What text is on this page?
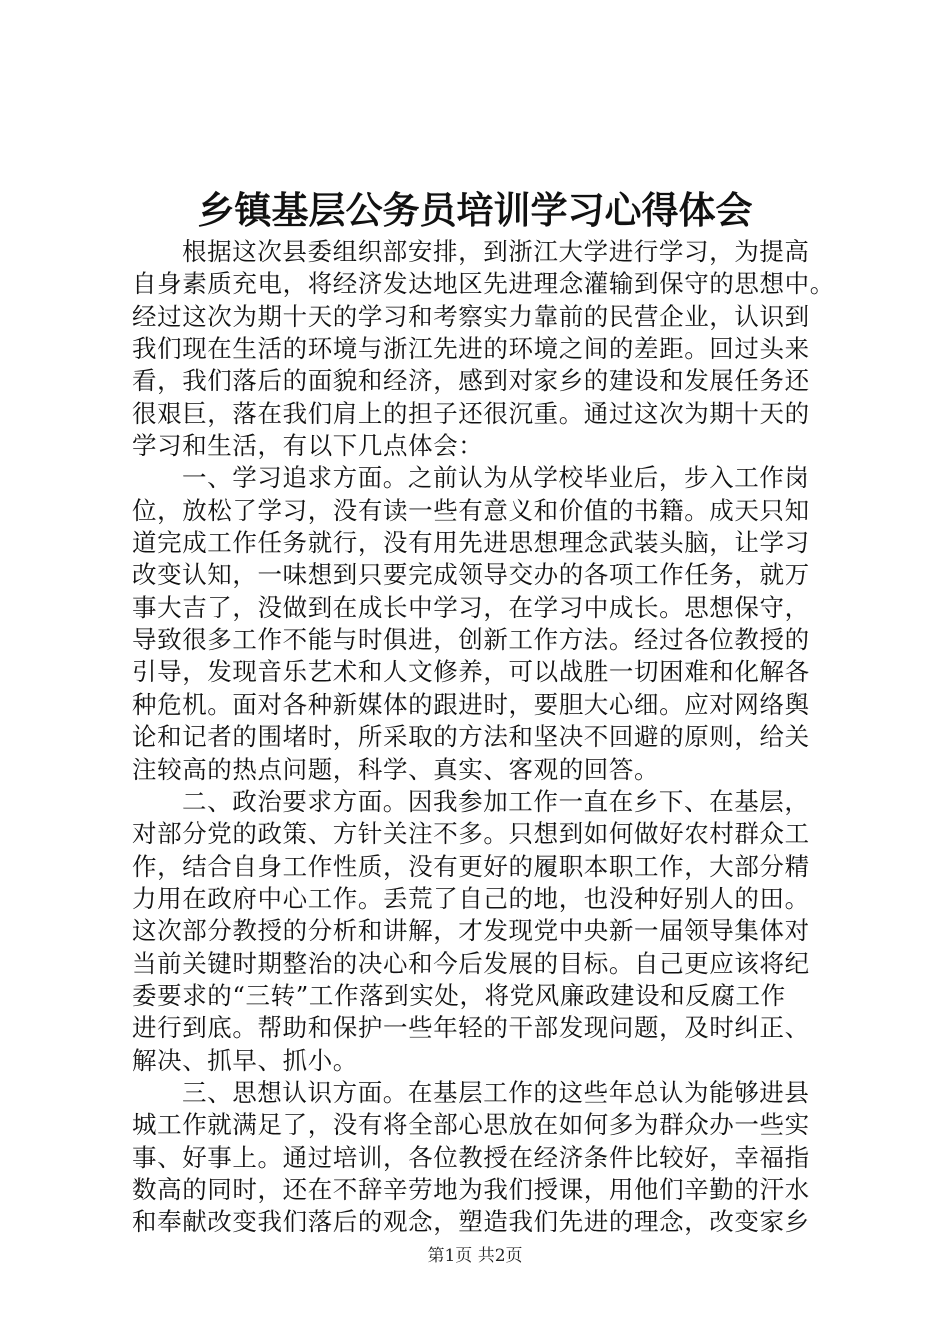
乡镇基层公务员培训学习心得体会
根据这次县委组织部安排，到浙江大学进行学习，为提高
自身素质充电，将经济发达地区先进理念灌输到保守的思想中。
经过这次为期十天的学习和考察实力靠前的民营企业，认识到
我们现在生活的环境与浙江先进的环境之间的差距。回过头来
看，我们落后的面貌和经济，感到对家乡的建设和发展任务还
很艰巨，落在我们肩上的担子还很沉重。通过这次为期十天的
学习和生活，有以下几点体会：
一、学习追求方面。之前认为从学校毕业后，步入工作岗
位，放松了学习，没有读一些有意义和价值的书籍。成天只知
道完成工作任务就行，没有用先进思想理念武装头脑，让学习
改变认知，一味想到只要完成领导交办的各项工作任务，就万
事大吉了，没做到在成长中学习，在学习中成长。思想保守，
导致很多工作不能与时俱进，创新工作方法。经过各位教授的
引导，发现音乐艺术和人文修养，可以战胜一切困难和化解各
种危机。面对各种新媒体的跟进时，要胆大心细。应对网络舆
论和记者的围堵时，所采取的方法和坚决不回避的原则，给关
注较高的热点问题，科学、真实、客观的回答。
二、政治要求方面。因我参加工作一直在乡下、在基层，
对部分党的政策、方针关注不多。只想到如何做好农村群众工
作，结合自身工作性质，没有更好的履职本职工作，大部分精
力用在政府中心工作。丢荒了自己的地，也没种好别人的田。
这次部分教授的分析和讲解，才发现党中央新一届领导集体对
当前关键时期整治的决心和今后发展的目标。自己更应该将纪
委要求的“三转”工作落到实处，将党风廉政建设和反腐工作
进行到底。帮助和保护一些年轻的干部发现问题，及时纠正、
解决、抓早、抓小。
三、思想认识方面。在基层工作的这些年总认为能够进县
城工作就满足了，没有将全部心思放在如何多为群众办一些实
事、好事上。通过培训，各位教授在经济条件比较好，幸福指
数高的同时，还在不辞辛劳地为我们授课，用他们辛勤的汗水
和奉献改变我们落后的观念，塑造我们先进的理念，改变家乡
第1页 共2页
